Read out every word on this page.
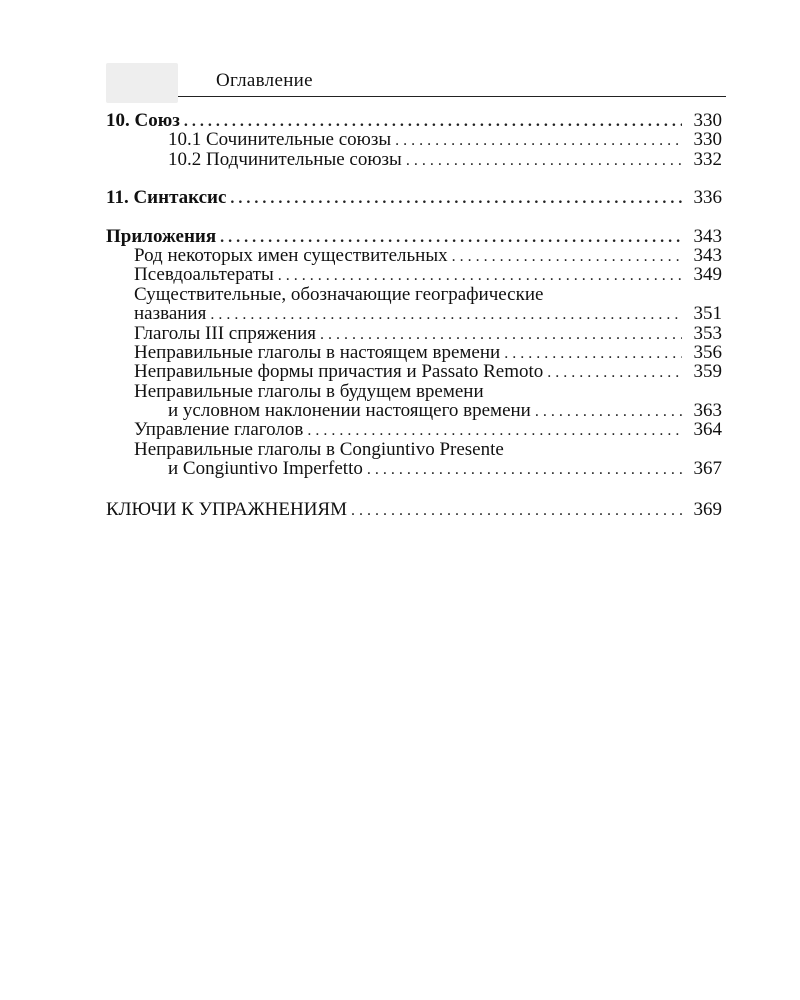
Оглавление
10. Союз . . .	330
10.1 Сочинительные союзы . . .	330
10.2 Подчинительные союзы . . .	332
11. Синтаксис . . .	336
Приложения . . .	343
Род некоторых имен существительных . . .	343
Псевдоальтераты . . .	349
Существительные, обозначающие географические
названия . . .	351
Глаголы III спряжения . . .	353
Неправильные глаголы в настоящем времени . . .	356
Неправильные формы причастия и Passato Remoto . . .	359
Неправильные глаголы в будущем времени
и условном наклонении настоящего времени . . .	363
Управление глаголов . . .	364
Неправильные глаголы в Congiuntivo Presente
и Congiuntivo Imperfetto . . .	367
КЛЮЧИ К УПРАЖНЕНИЯМ . . .	369
